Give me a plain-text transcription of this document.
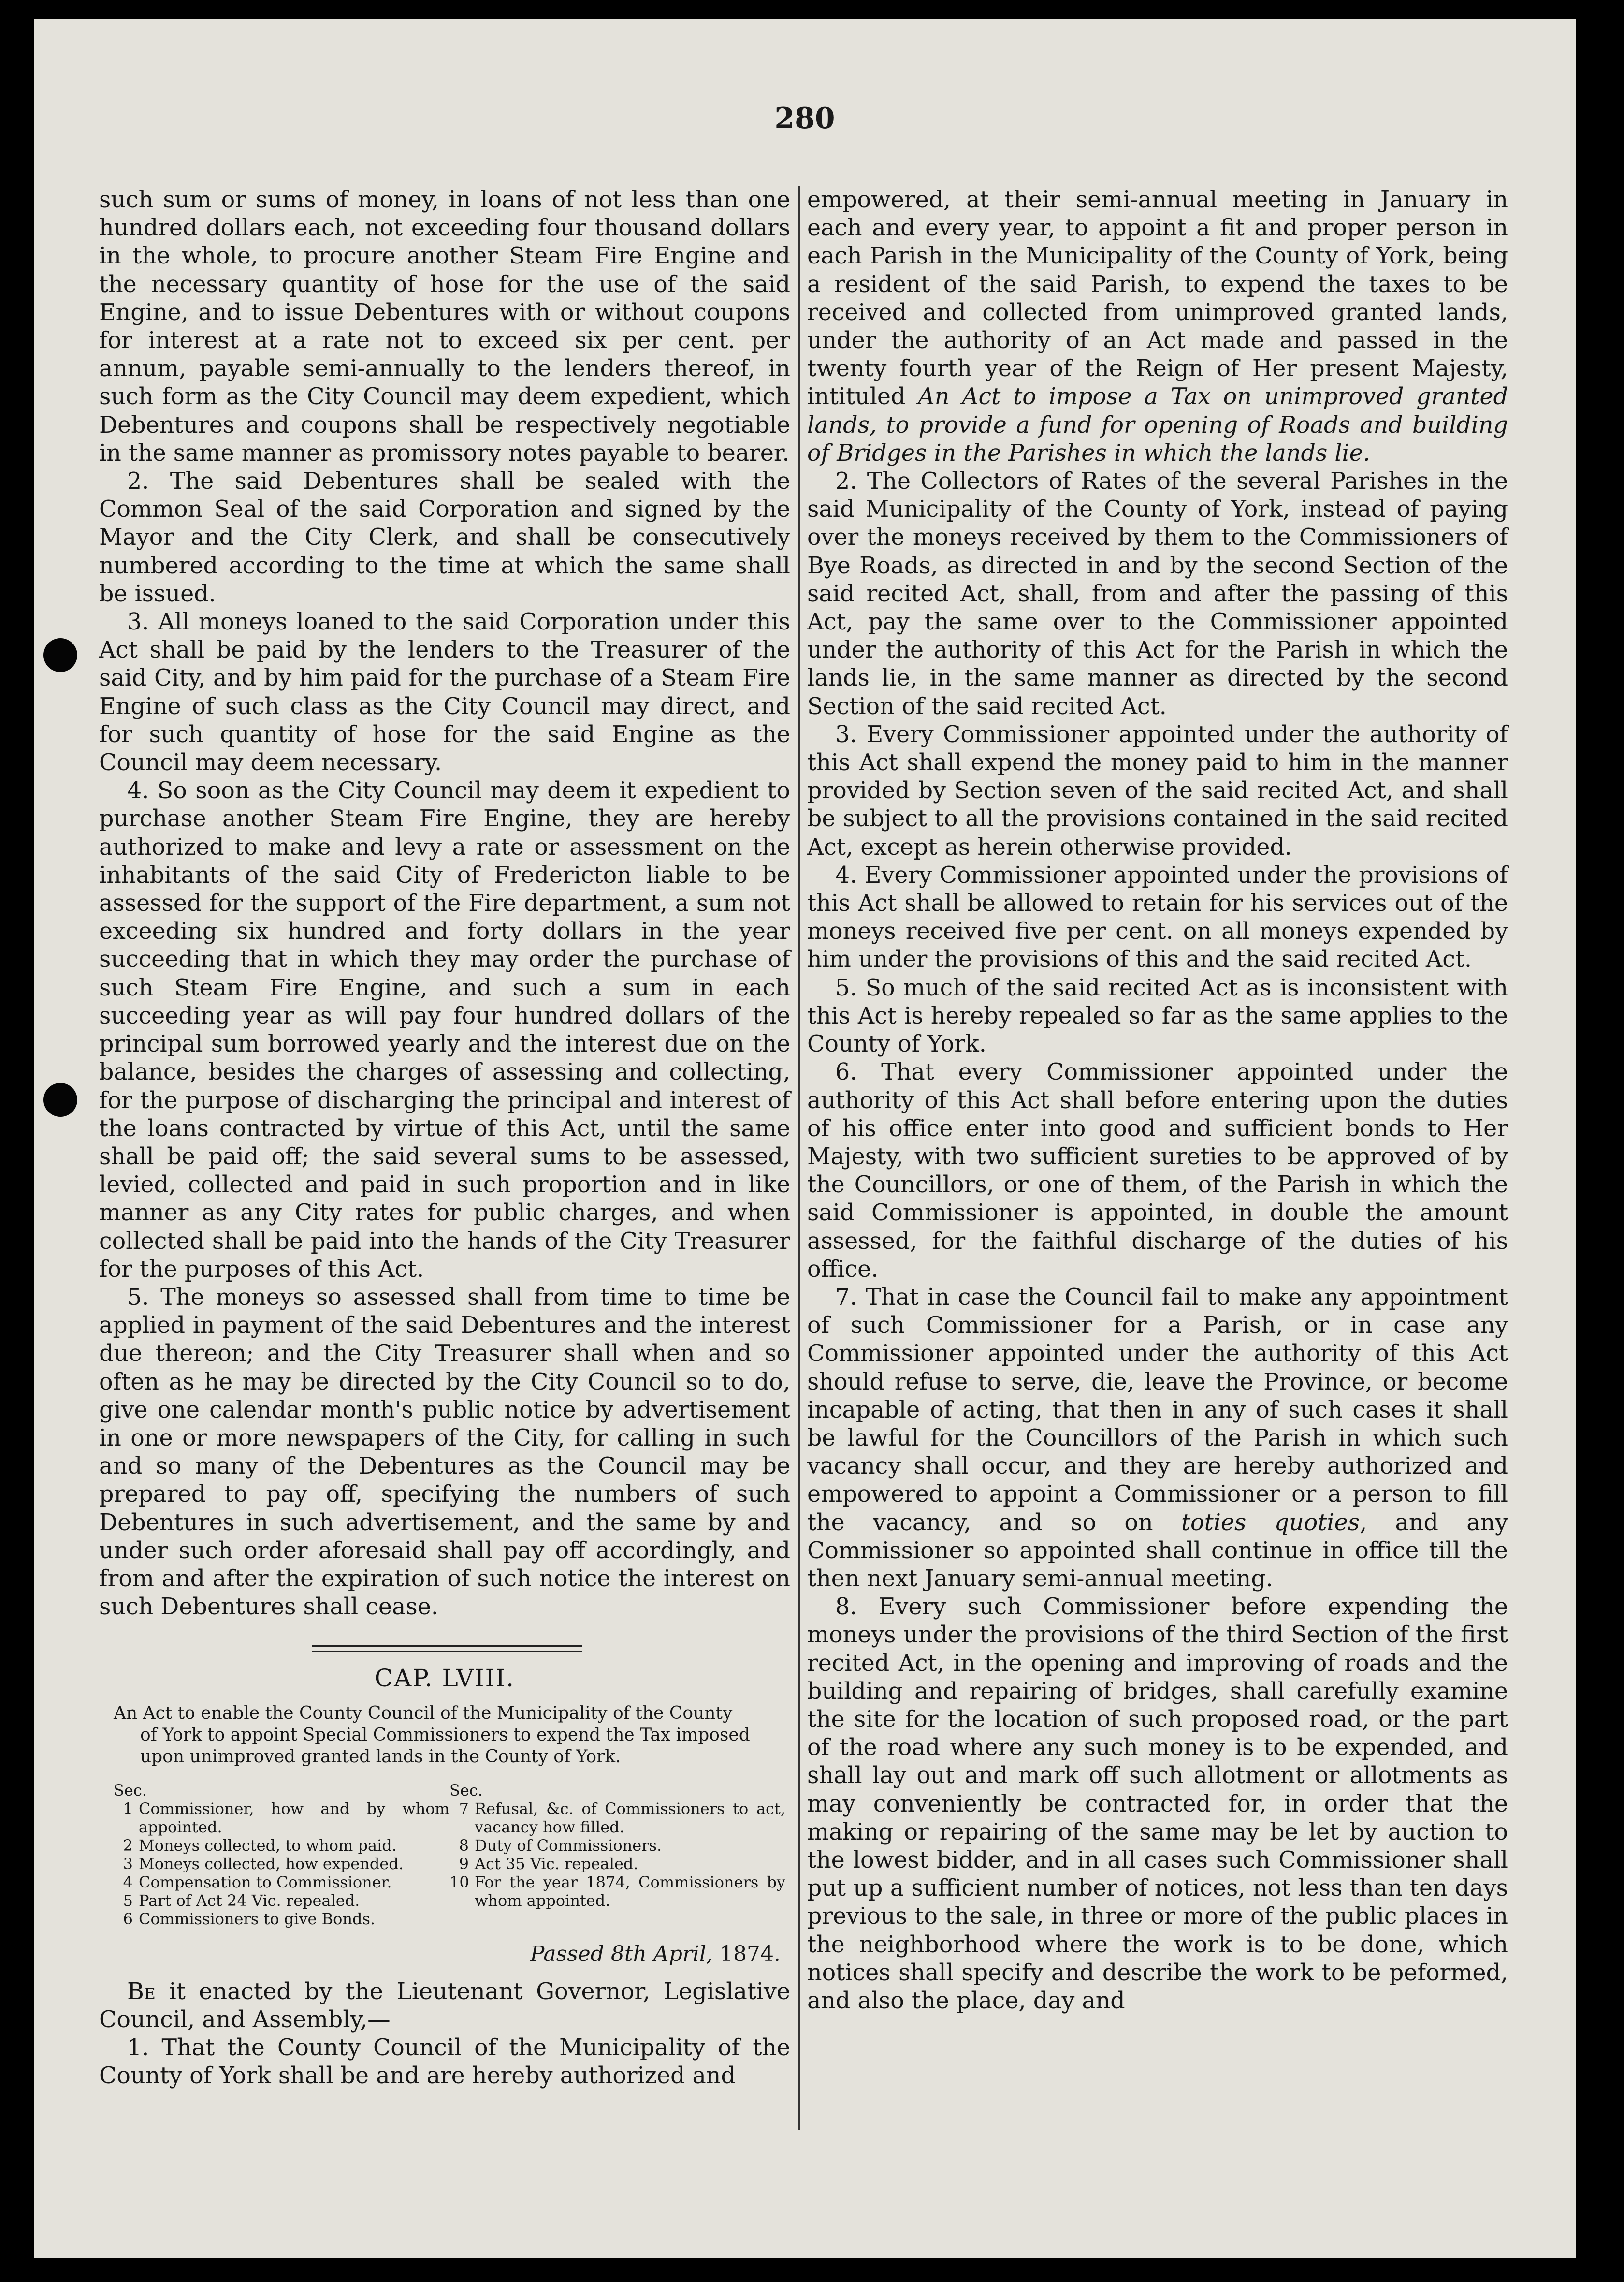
280

such sum or sums of money, in loans of not less than one hundred dollars each, not exceeding four thousand dollars in the whole, to procure another Steam Fire Engine and the necessary quantity of hose for the use of the said Engine, and to issue Debentures with or without coupons for interest at a rate not to exceed six per cent. per annum, payable semi-annually to the lenders thereof, in such form as the City Council may deem expedient, which Debentures and coupons shall be respectively negotiable in the same manner as promissory notes payable to bearer.

2. The said Debentures shall be sealed with the Common Seal of the said Corporation and signed by the Mayor and the City Clerk, and shall be consecutively numbered according to the time at which the same shall be issued.

3. All moneys loaned to the said Corporation under this Act shall be paid by the lenders to the Treasurer of the said City, and by him paid for the purchase of a Steam Fire Engine of such class as the City Council may direct, and for such quantity of hose for the said Engine as the Council may deem necessary.

4. So soon as the City Council may deem it expedient to purchase another Steam Fire Engine, they are hereby authorized to make and levy a rate or assessment on the inhabitants of the said City of Fredericton liable to be assessed for the support of the Fire department, a sum not exceeding six hundred and forty dollars in the year succeeding that in which they may order the purchase of such Steam Fire Engine, and such a sum in each succeeding year as will pay four hundred dollars of the principal sum borrowed yearly and the interest due on the balance, besides the charges of assessing and collecting, for the purpose of discharging the principal and interest of the loans contracted by virtue of this Act, until the same shall be paid off; the said several sums to be assessed, levied, collected and paid in such proportion and in like manner as any City rates for public charges, and when collected shall be paid into the hands of the City Treasurer for the purposes of this Act.

5. The moneys so assessed shall from time to time be applied in payment of the said Debentures and the interest due thereon; and the City Treasurer shall when and so often as he may be directed by the City Council so to do, give one calendar month's public notice by advertisement in one or more newspapers of the City, for calling in such and so many of the Debentures as the Council may be prepared to pay off, specifying the numbers of such Debentures in such advertisement, and the same by and under such order aforesaid shall pay off accordingly, and from and after the expiration of such notice the interest on such Debentures shall cease.

CAP. LVIII.
An Act to enable the County Council of the Municipality of the County
of York to appoint Special Commissioners to expend the Tax imposed
upon unimproved granted lands in the County of York.
Sec.
1 Commissioner, how and by whom appointed.
2 Moneys collected, to whom paid.
3 Moneys collected, how expended.
4 Compensation to Commissioner.
5 Part of Act 24 Vic. repealed.
6 Commissioners to give Bonds.
Sec.
7 Refusal, &c. of Commissioners to act, vacancy how filled.
8 Duty of Commissioners.
9 Act 35 Vic. repealed.
10 For the year 1874, Commissioners by whom appointed.
Passed 8th April, 1874.

Be it enacted by the Lieutenant Governor, Legislative Council, and Assembly,—

1. That the County Council of the Municipality of the County of York shall be and are hereby authorized and

empowered, at their semi-annual meeting in January in each and every year, to appoint a fit and proper person in each Parish in the Municipality of the County of York, being a resident of the said Parish, to expend the taxes to be received and collected from unimproved granted lands, under the authority of an Act made and passed in the twenty fourth year of the Reign of Her present Majesty, intituled An Act to impose a Tax on unimproved granted lands, to provide a fund for opening of Roads and building of Bridges in the Parishes in which the lands lie.

2. The Collectors of Rates of the several Parishes in the said Municipality of the County of York, instead of paying over the moneys received by them to the Commissioners of Bye Roads, as directed in and by the second Section of the said recited Act, shall, from and after the passing of this Act, pay the same over to the Commissioner appointed under the authority of this Act for the Parish in which the lands lie, in the same manner as directed by the second Section of the said recited Act.

3. Every Commissioner appointed under the authority of this Act shall expend the money paid to him in the manner provided by Section seven of the said recited Act, and shall be subject to all the provisions contained in the said recited Act, except as herein otherwise provided.

4. Every Commissioner appointed under the provisions of this Act shall be allowed to retain for his services out of the moneys received five per cent. on all moneys expended by him under the provisions of this and the said recited Act.

5. So much of the said recited Act as is inconsistent with this Act is hereby repealed so far as the same applies to the County of York.

6. That every Commissioner appointed under the authority of this Act shall before entering upon the duties of his office enter into good and sufficient bonds to Her Majesty, with two sufficient sureties to be approved of by the Councillors, or one of them, of the Parish in which the said Commissioner is appointed, in double the amount assessed, for the faithful discharge of the duties of his office.

7. That in case the Council fail to make any appointment of such Commissioner for a Parish, or in case any Commissioner appointed under the authority of this Act should refuse to serve, die, leave the Province, or become incapable of acting, that then in any of such cases it shall be lawful for the Councillors of the Parish in which such vacancy shall occur, and they are hereby authorized and empowered to appoint a Commissioner or a person to fill the vacancy, and so on toties quoties, and any Commissioner so appointed shall continue in office till the then next January semi-annual meeting.

8. Every such Commissioner before expending the moneys under the provisions of the third Section of the first recited Act, in the opening and improving of roads and the building and repairing of bridges, shall carefully examine the site for the location of such proposed road, or the part of the road where any such money is to be expended, and shall lay out and mark off such allotment or allotments as may conveniently be contracted for, in order that the making or repairing of the same may be let by auction to the lowest bidder, and in all cases such Commissioner shall put up a sufficient number of notices, not less than ten days previous to the sale, in three or more of the public places in the neighborhood where the work is to be done, which notices shall specify and describe the work to be peformed, and also the place, day and
